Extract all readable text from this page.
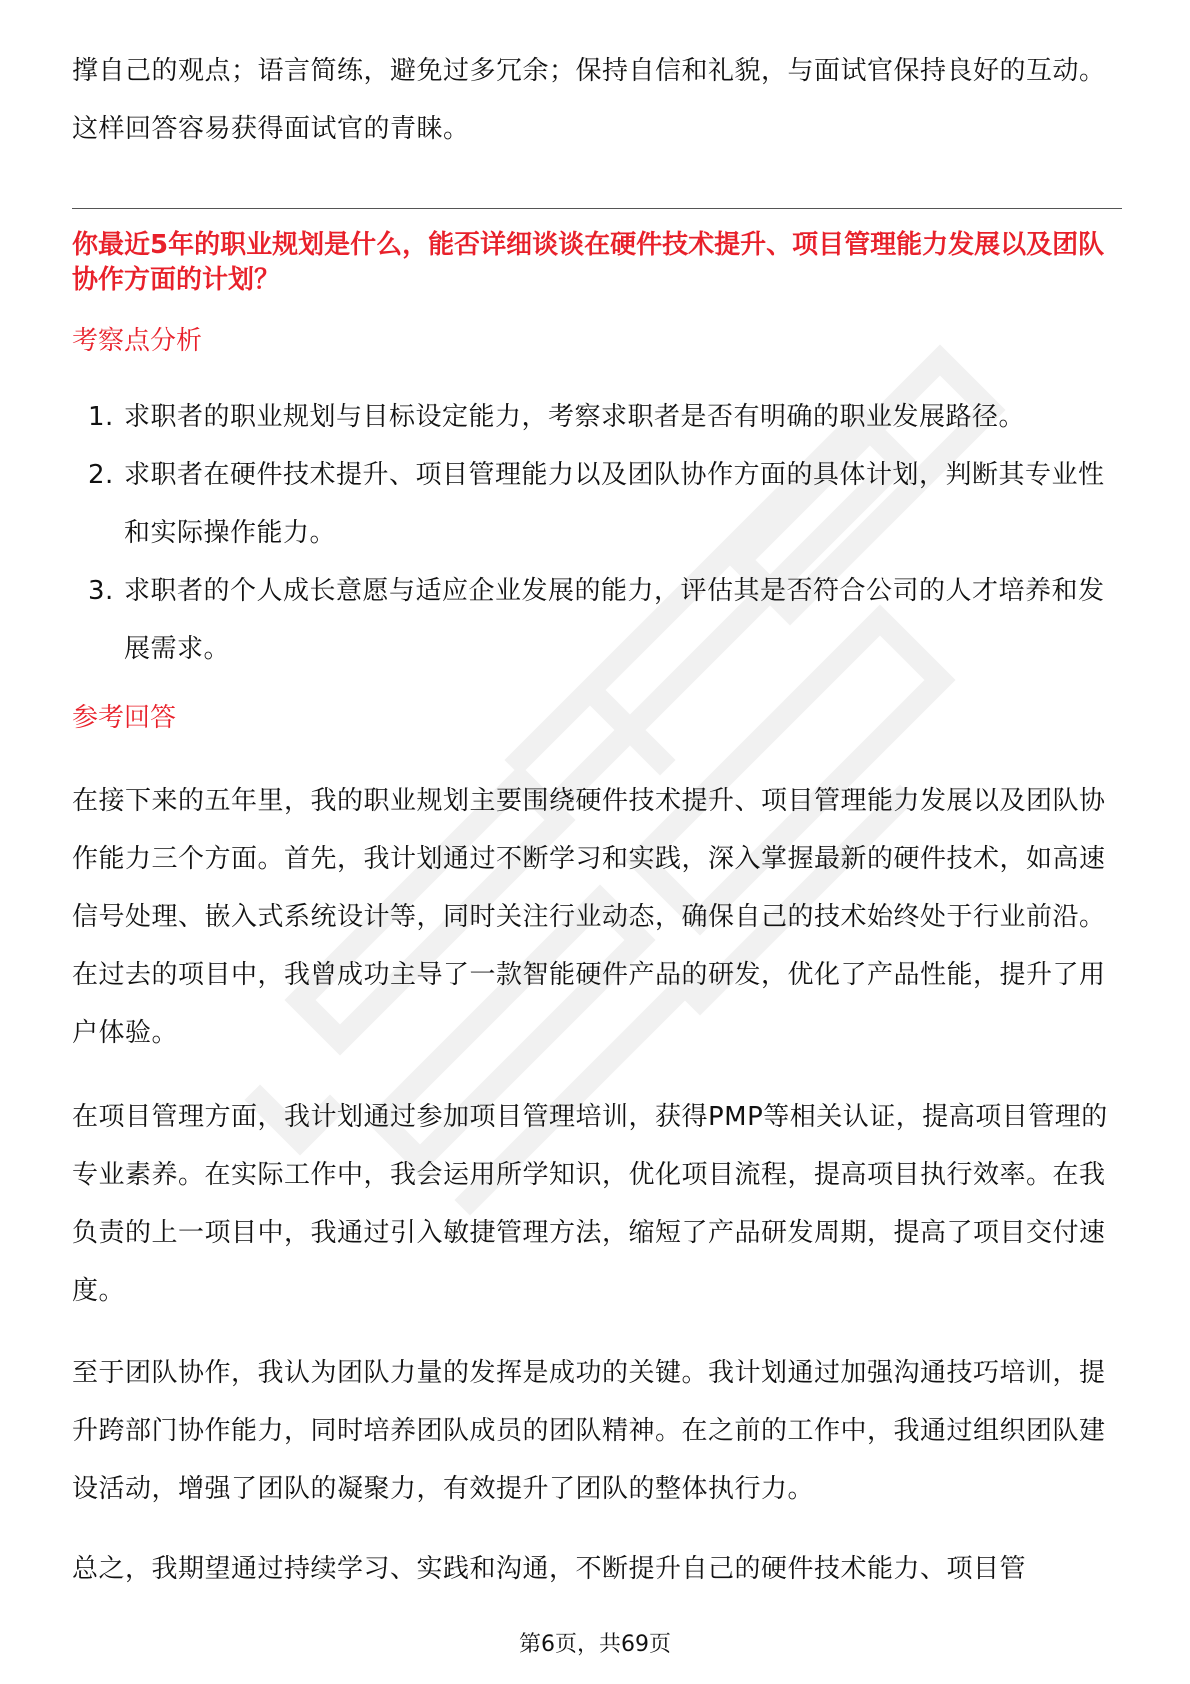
撑自己的观点；语言简练，避免过多冗余；保持自信和礼貌，与面试官保持良好的互动。这样回答容易获得面试官的青睐。

你最近5年的职业规划是什么，能否详细谈谈在硬件技术提升、项目管理能力发展以及团队协作方面的计划？

考察点分析
1. 求职者的职业规划与目标设定能力，考察求职者是否有明确的职业发展路径。
2. 求职者在硬件技术提升、项目管理能力以及团队协作方面的具体计划，判断其专业性和实际操作能力。
3. 求职者的个人成长意愿与适应企业发展的能力，评估其是否符合公司的人才培养和发展需求。
参考回答

在接下来的五年里，我的职业规划主要围绕硬件技术提升、项目管理能力发展以及团队协作能力三个方面。首先，我计划通过不断学习和实践，深入掌握最新的硬件技术，如高速信号处理、嵌入式系统设计等，同时关注行业动态，确保自己的技术始终处于行业前沿。在过去的项目中，我曾成功主导了一款智能硬件产品的研发，优化了产品性能，提升了用户体验。

在项目管理方面，我计划通过参加项目管理培训，获得PMP等相关认证，提高项目管理的专业素养。在实际工作中，我会运用所学知识，优化项目流程，提高项目执行效率。在我负责的上一项目中，我通过引入敏捷管理方法，缩短了产品研发周期，提高了项目交付速度。

至于团队协作，我认为团队力量的发挥是成功的关键。我计划通过加强沟通技巧培训，提升跨部门协作能力，同时培养团队成员的团队精神。在之前的工作中，我通过组织团队建设活动，增强了团队的凝聚力，有效提升了团队的整体执行力。

总之，我期望通过持续学习、实践和沟通，不断提升自己的硬件技术能力、项目管

第6页，共69页
